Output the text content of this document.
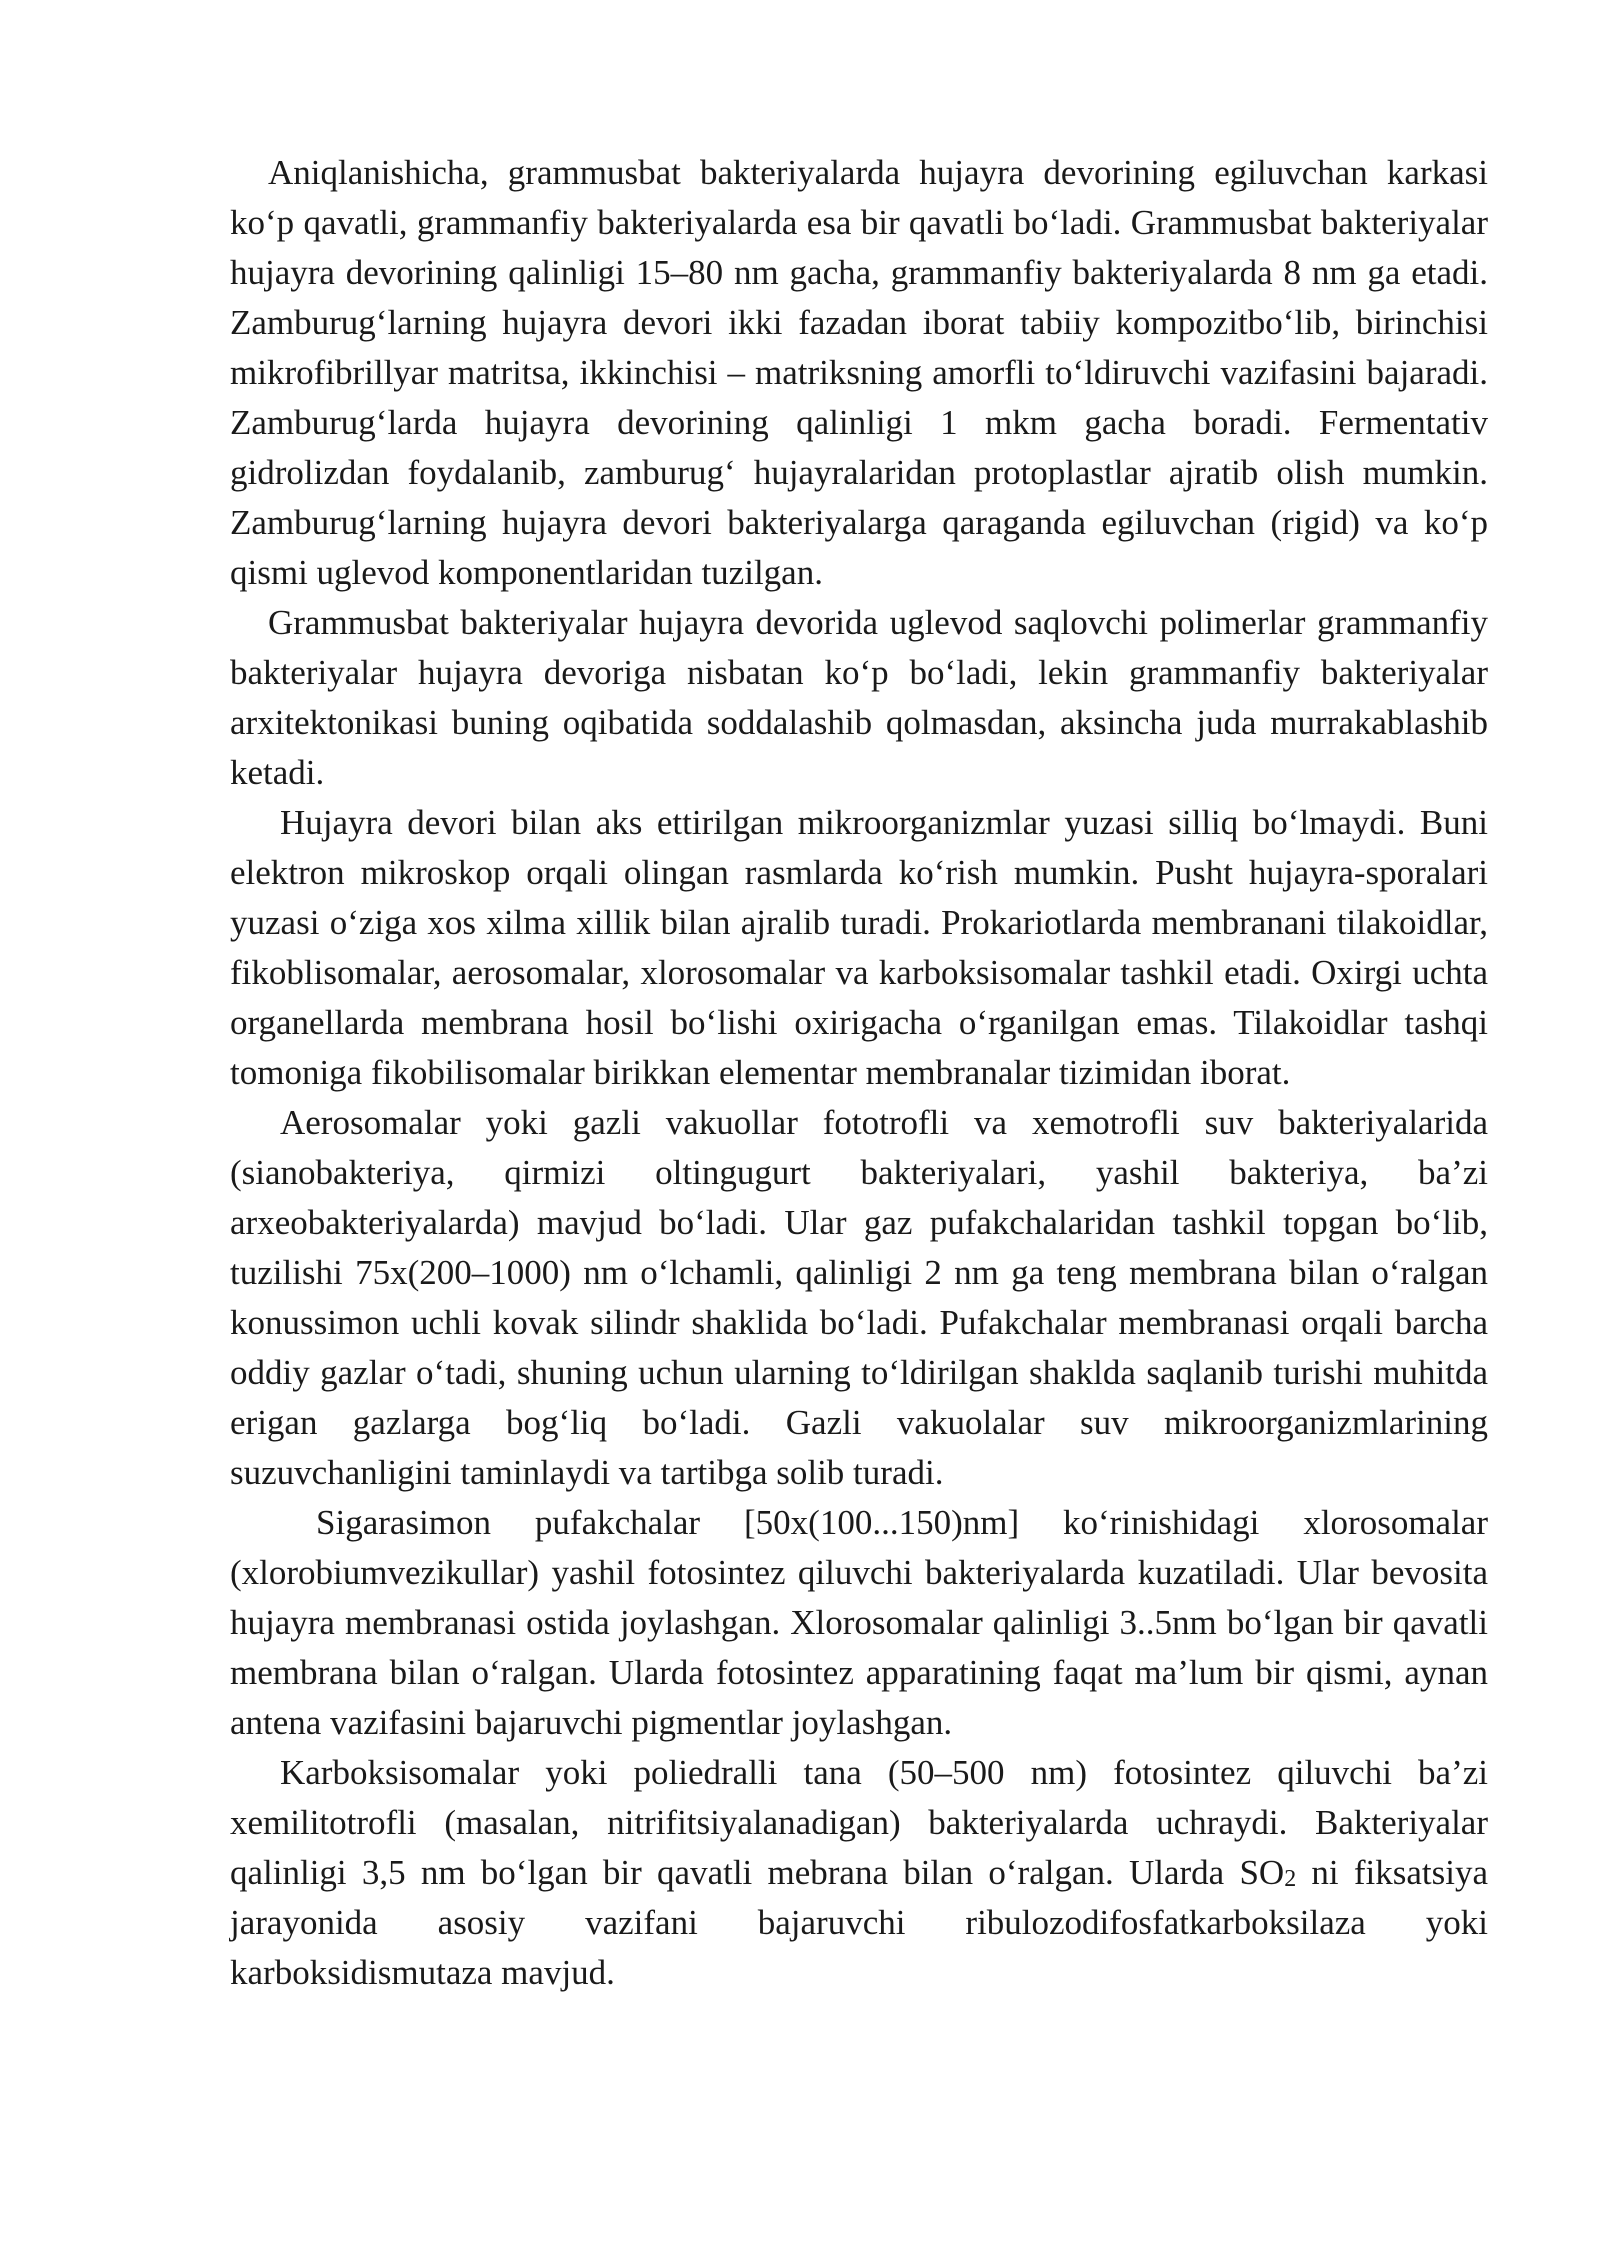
Aniqlanishicha, grammusbat bakteriyalarda hujayra devorining egiluvchan karkasi koʻp qavatli, grammanfiy bakteriyalarda esa bir qavatli boʻladi. Grammusbat bakteriyalar hujayra devorining qalinligi 15–80 nm gacha, grammanfiy bakteriyalarda 8 nm ga etadi. Zamburugʻlarning hujayra devori ikki fazadan iborat tabiiy kompozitboʻlib, birinchisi mikrofibrillyar matritsa, ikkinchisi – matriksning amorfli toʻldiruvchi vazifasini bajaradi. Zamburugʻlarda hujayra devorining qalinligi 1 mkm gacha boradi. Fermentativ gidrolizdan foydalanib, zamburugʻ hujayralaridan protoplastlar ajratib olish mumkin. Zamburugʻlarning hujayra devori bakteriyalarga qaraganda egiluvchan (rigid) va koʻp qismi uglevod komponentlaridan tuzilgan.

Grammusbat bakteriyalar hujayra devorida uglevod saqlovchi polimerlar grammanfiy bakteriyalar hujayra devoriga nisbatan koʻp boʻladi, lekin grammanfiy bakteriyalar arxitektonikasi buning oqibatida soddalashib qolmasdan, aksincha juda murrakablashib ketadi.

Hujayra devori bilan aks ettirilgan mikroorganizmlar yuzasi silliq boʻlmaydi. Buni elektron mikroskop orqali olingan rasmlarda koʻrish mumkin. Pusht hujayra-sporalari yuzasi oʻziga xos xilma xillik bilan ajralib turadi. Prokariotlarda membranani tilakoidlar, fikoblisomalar, aerosomalar, xlorosomalar va karboksisomalar tashkil etadi. Oxirgi uchta organellarda membrana hosil boʻlishi oxirigacha oʻrganilgan emas. Tilakoidlar tashqi tomoniga fikobilisomalar birikkan elementar membranalar tizimidan iborat.

Aerosomalar yoki gazli vakuollar fototrofli va xemotrofli suv bakteriyalarida (sianobakteriya, qirmizi oltingugurt bakteriyalari, yashil bakteriya, ba’zi arxeobakteriyalarda) mavjud boʻladi. Ular gaz pufakchalaridan tashkil topgan boʻlib, tuzilishi 75x(200–1000) nm oʻlchamli, qalinligi 2 nm ga teng membrana bilan oʻralgan konussimon uchli kovak silindr shaklida boʻladi. Pufakchalar membranasi orqali barcha oddiy gazlar oʻtadi, shuning uchun ularning toʻldirilgan shaklda saqlanib turishi muhitda erigan gazlarga bogʻliq boʻladi. Gazli vakuolalar suv mikroorganizmlarining suzuvchanligini taminlaydi va tartibga solib turadi.

Sigarasimon pufakchalar [50x(100...150)nm] koʻrinishidagi xlorosomalar (xlorobiumvezikullar) yashil fotosintez qiluvchi bakteriyalarda kuzatiladi. Ular bevosita hujayra membranasi ostida joylashgan. Xlorosomalar qalinligi 3..5nm boʻlgan bir qavatli membrana bilan oʻralgan. Ularda fotosintez apparatining faqat ma’lum bir qismi, aynan antena vazifasini bajaruvchi pigmentlar joylashgan.

Karboksisomalar yoki poliedralli tana (50–500 nm) fotosintez qiluvchi ba’zi xemilitotrofli (masalan, nitrifitsiyalanadigan) bakteriyalarda uchraydi. Bakteriyalar qalinligi 3,5 nm boʻlgan bir qavatli mebrana bilan oʻralgan. Ularda $SO_2$ ni fiksatsiya jarayonida asosiy vazifani bajaruvchi ribulozodifosfatkarboksilaza yoki karboksidismutaza mavjud.
